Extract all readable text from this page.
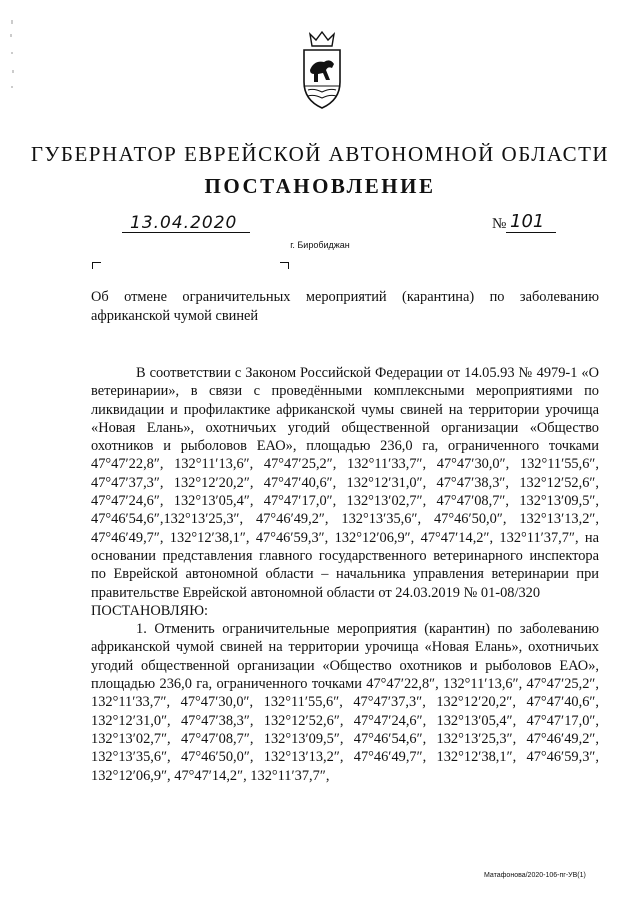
ГУБЕРНАТОР ЕВРЕЙСКОЙ АВТОНОМНОЙ ОБЛАСТИ
ПОСТАНОВЛЕНИЕ
13.04.2020	№ 101
г. Биробиджан
Об отмене ограничительных мероприятий (карантина) по заболеванию африканской чумой свиней

В соответствии с Законом Российской Федерации от 14.05.93 № 4979-1 «О ветеринарии», в связи с проведёнными комплексными мероприятиями по ликвидации и профилактике африканской чумы свиней на территории урочища «Новая Елань», охотничьих угодий общественной организации «Общество охотников и рыболовов ЕАО», площадью 236,0 га, ограниченного точками 47°47′22,8″, 132°11′13,6″, 47°47′25,2″, 132°11′33,7″, 47°47′30,0″, 132°11′55,6″, 47°47′37,3″, 132°12′20,2″, 47°47′40,6″, 132°12′31,0″, 47°47′38,3″, 132°12′52,6″, 47°47′24,6″, 132°13′05,4″, 47°47′17,0″, 132°13′02,7″, 47°47′08,7″, 132°13′09,5″, 47°46′54,6″,132°13′25,3″, 47°46′49,2″, 132°13′35,6″, 47°46′50,0″, 132°13′13,2″, 47°46′49,7″, 132°12′38,1″, 47°46′59,3″, 132°12′06,9″, 47°47′14,2″, 132°11′37,7″, на основании представления главного государственного ветеринарного инспектора по Еврейской автономной области – начальника управления ветеринарии при правительстве Еврейской автономной области от 24.03.2019 № 01-08/320

ПОСТАНОВЛЯЮ:

1. Отменить ограничительные мероприятия (карантин) по заболеванию африканской чумой свиней на территории урочища «Новая Елань», охотничьих угодий общественной организации «Общество охотников и рыболовов ЕАО», площадью 236,0 га, ограниченного точками 47°47′22,8″, 132°11′13,6″, 47°47′25,2″, 132°11′33,7″, 47°47′30,0″, 132°11′55,6″, 47°47′37,3″, 132°12′20,2″, 47°47′40,6″, 132°12′31,0″, 47°47′38,3″, 132°12′52,6″, 47°47′24,6″, 132°13′05,4″, 47°47′17,0″, 132°13′02,7″, 47°47′08,7″, 132°13′09,5″, 47°46′54,6″, 132°13′25,3″, 47°46′49,2″, 132°13′35,6″, 47°46′50,0″, 132°13′13,2″, 47°46′49,7″, 132°12′38,1″, 47°46′59,3″, 132°12′06,9″, 47°47′14,2″, 132°11′37,7″,

Матафонова/2020-106-пг-УВ(1)
